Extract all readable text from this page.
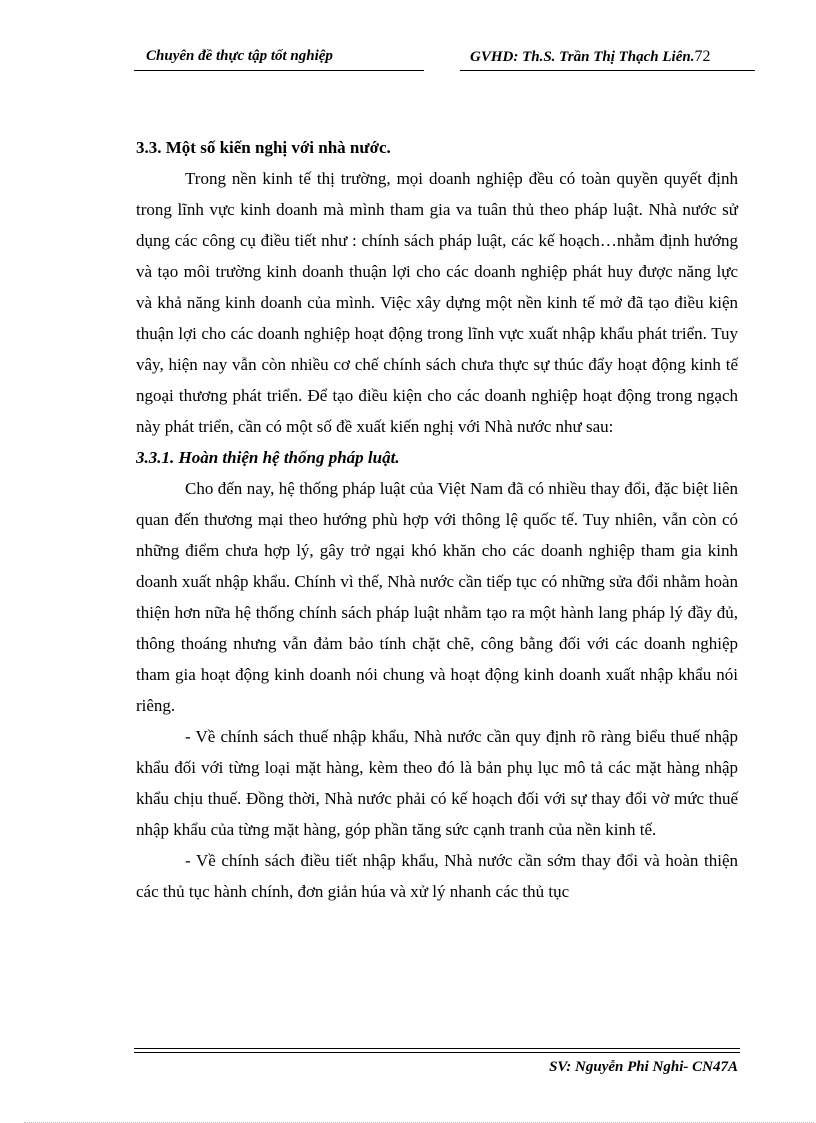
Chuyên đề thực tập tốt nghiệp	GVHD: Th.S. Trần Thị Thạch Liên.72
3.3. Một số kiến nghị với nhà nước.

Trong nền kinh tế thị trường, mọi doanh nghiệp đều có toàn quyền quyết định trong lĩnh vực kinh doanh mà mình tham gia va tuân thủ theo pháp luật. Nhà nước sử dụng các công cụ điều tiết như : chính sách pháp luật, các kế hoạch…nhằm định hướng và tạo môi trường kinh doanh thuận lợi cho các doanh nghiệp phát huy được năng lực và khả năng kinh doanh của mình. Việc xây dựng một nền kinh tế mở đã tạo điều kiện thuận lợi cho các doanh nghiệp hoạt động trong lĩnh vực xuất nhập khẩu phát triển. Tuy vây, hiện nay vẫn còn nhiều cơ chế chính sách chưa thực sự thúc đẩy hoạt động kinh tế ngoại thương phát triển. Để tạo điều kiện cho các doanh nghiệp hoạt động trong ngạch này phát triển, cần có một số đề xuất kiến nghị với Nhà nước như sau:

3.3.1. Hoàn thiện hệ thống pháp luật.

Cho đến nay, hệ thống pháp luật của Việt Nam đã có nhiều thay đổi, đặc biệt liên quan đến thương mại theo hướng phù hợp với thông lệ quốc tế. Tuy nhiên, vẫn còn có những điểm chưa hợp lý, gây trở ngại khó khăn cho các doanh nghiệp tham gia kinh doanh xuất nhập khẩu. Chính vì thế, Nhà nước cần tiếp tục có những sửa đổi nhằm hoàn thiện hơn nữa hệ thống chính sách pháp luật nhằm tạo ra một hành lang pháp lý đầy đủ, thông thoáng nhưng vẫn đảm bảo tính chặt chẽ, công bằng đối với các doanh nghiệp tham gia hoạt động kinh doanh nói chung và hoạt động kinh doanh xuất nhập khẩu nói riêng.

- Về chính sách thuế nhập khẩu, Nhà nước cần quy định rõ ràng biểu thuế nhập khẩu đối với từng loại mặt hàng, kèm theo đó là bản phụ lục mô tả các mặt hàng nhập khẩu chịu thuế. Đồng thời, Nhà nước phải có kế hoạch đối với sự thay đổi vờ mức thuế nhập khẩu của từng mặt hàng, góp phần tăng sức cạnh tranh của nền kinh tế.

- Về chính sách điều tiết nhập khẩu, Nhà nước cần sớm thay đổi và hoàn thiện các thủ tục hành chính, đơn giản húa và xử lý nhanh các thủ tục

SV: Nguyễn Phi Nghi- CN47A
